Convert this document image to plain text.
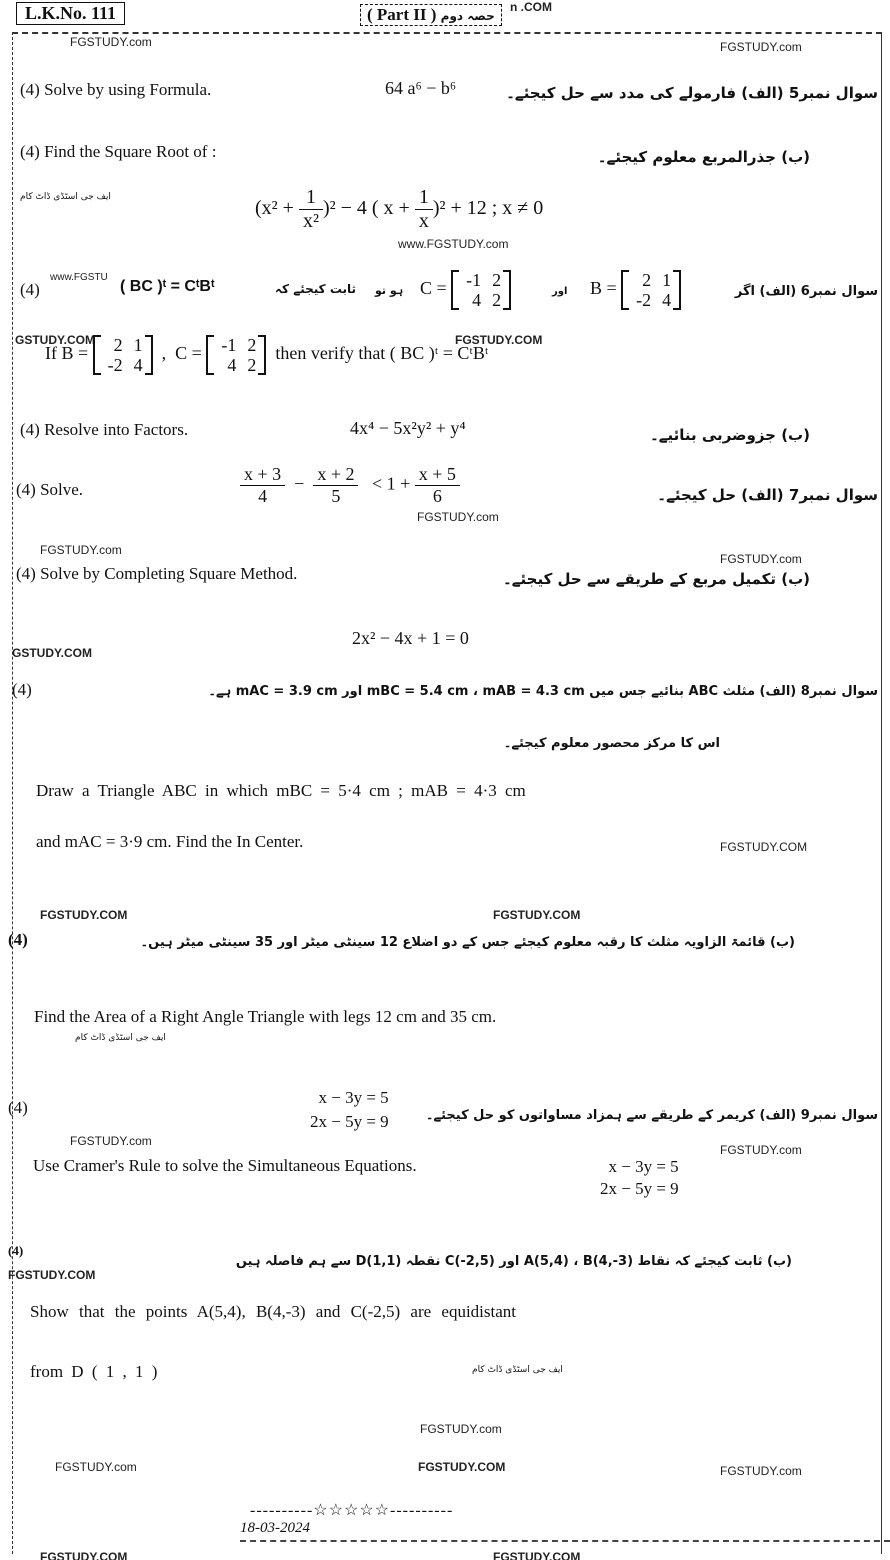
L.K.No. 111	( Part II ) حصہ دوم
n .COM
FGSTUDY.com	FGSTUDY.com
(4) Solve by using Formula.	64 a⁶ − b⁶	سوال نمبر5 (الف) فارمولے کی مدد سے حل کیجئے۔
(4) Find the Square Root of :	(ب) جذرالمربع معلوم کیجئے۔
ایف جی اسٹڈی ڈاٹ کام
$(x^2 + \frac{1}{\text{x²}} )^2 - 4$ ( $x + \frac{1}{x} )^2 + 12$ ; x ≠ 0
www.FGSTUDY.com
(4)
www.FGSTU
( BC )ᵗ = CᵗBᵗ	ثابت کیجئے کہ ہو تو C = -1 2
4 2	اور B =	2 1
-2 4	سوال نمبر6 (الف) اگر
GSTUDY.COM
If B =	2 1
-2 4
,  C = -1 2
4 2
then verify that ( BC )ᵗ = CᵗBᵗ
FGSTUDY.COM
(4) Resolve into Factors.	4x⁴ − 5x²y² + y⁴	(ب) جزوضربی بنائیے۔
(4) Solve.	$\frac{x + 3}{4} - \frac{x + 2}{5} < 1 + \frac{x + 5}{6}$	سوال نمبر7 (الف) حل کیجئے۔
FGSTUDY.com
FGSTUDY.com
FGSTUDY.com
(4) Solve by Completing Square Method.	(ب) تکمیل مربع کے طریقے سے حل کیجئے۔
2x² − 4x + 1 = 0
GSTUDY.COM
(4)	سوال نمبر8 (الف) مثلث ABC بنائیے جس میں mBC = 5.4 cm ، mAB = 4.3 cm اور mAC = 3.9 cm ہے۔
اس کا مرکز محصور معلوم کیجئے۔
Draw a Triangle ABC in which mBC = 5·4 cm ; mAB = 4·3 cm
and mAC = 3·9 cm. Find the In Center.	FGSTUDY.COM
FGSTUDY.COM	FGSTUDY.COM
(4)	(ب) قائمۃ الزاویہ مثلث کا رقبہ معلوم کیجئے جس کے دو اضلاع 12 سینٹی میٹر اور 35 سینٹی میٹر ہیں۔
Find the Area of a Right Angle Triangle with legs 12 cm and 35 cm.
ایف جی اسٹڈی ڈاٹ کام
(4)
x − 3y = 5
2x − 5y = 9	سوال نمبر9 (الف) کریمر کے طریقے سے ہمزاد مساواتوں کو حل کیجئے۔
FGSTUDY.com
FGSTUDY.com
Use Cramer's Rule to solve the Simultaneous Equations.	x − 3y = 5
2x − 5y = 9
(4)
FGSTUDY.COM
(ب) ثابت کیجئے کہ نقاط A(5,4) ، B(4,-3) اور C(-2,5) نقطہ D(1,1) سے ہم فاصلہ ہیں
Show that the points A(5,4), B(4,-3) and C(-2,5) are equidistant
from D ( 1 , 1 )	ایف جی اسٹڈی ڈاٹ کام
FGSTUDY.com
FGSTUDY.com	FGSTUDY.COM	FGSTUDY.com
----------☆☆☆☆☆----------
18-03-2024
FGSTUDY.COM	FGSTUDY.COM
